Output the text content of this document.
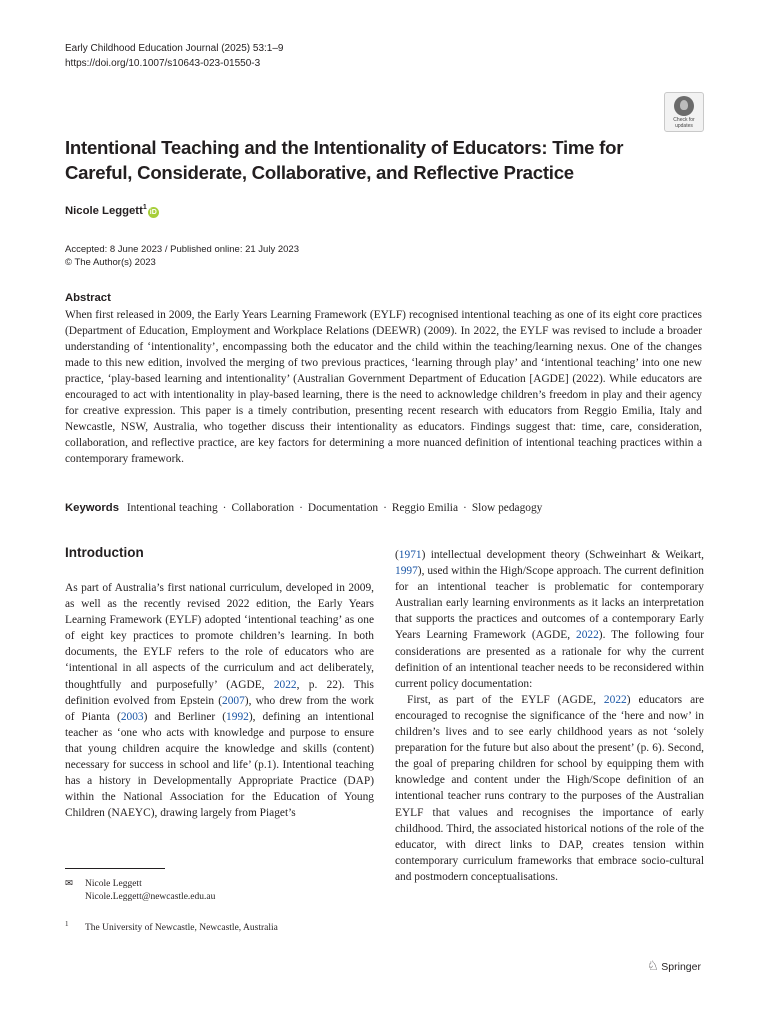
Early Childhood Education Journal (2025) 53:1–9
https://doi.org/10.1007/s10643-023-01550-3
Check for
updates
Intentional Teaching and the Intentionality of Educators: Time for
Careful, Considerate, Collaborative, and Reflective Practice
Nicole Leggett$^1$iD
Accepted: 8 June 2023 / Published online: 21 July 2023
© The Author(s) 2023
Abstract
When first released in 2009, the Early Years Learning Framework (EYLF) recognised intentional teaching as one of its eight core practices (Department of Education, Employment and Workplace Relations (DEEWR) (2009). In 2022, the EYLF was revised to include a broader understanding of ‘intentionality’, encompassing both the educator and the child within the teaching/learning nexus. One of the changes made to this new edition, involved the merging of two previous practices, ‘learning through play’ and ‘intentional teaching’ into one new practice, ‘play-based learning and intentionality’ (Australian Government Department of Education [AGDE] (2022). While educators are encouraged to act with intentionality in play-based learning, there is the need to acknowledge children’s freedom in play and their agency for creative expression. This paper is a timely contribution, presenting recent research with educators from Reggio Emilia, Italy and Newcastle, NSW, Australia, who together discuss their intentionality as educators. Findings suggest that: time, care, consideration, collaboration, and reflective practice, are key factors for determining a more nuanced definition of intentional teaching practices within a contemporary framework.
Keywords Intentional teaching · Collaboration · Documentation · Reggio Emilia · Slow pedagogy
Introduction

As part of Australia’s first national curriculum, developed in 2009, as well as the recently revised 2022 edition, the Early Years Learning Framework (EYLF) adopted ‘intentional teaching’ as one of eight key practices to promote children’s learning. In both documents, the EYLF refers to the role of educators who are ‘intentional in all aspects of the curriculum and act deliberately, thoughtfully and purposefully’ (AGDE, 2022, p. 22). This definition evolved from Epstein (2007), who drew from the work of Pianta (2003) and Berliner (1992), defining an intentional teacher as ‘one who acts with knowledge and purpose to ensure that young children acquire the knowledge and skills (content) necessary for success in school and life’ (p.1). Intentional teaching has a history in Developmentally Appropriate Practice (DAP) within the National Association for the Education of Young Children (NAEYC), drawing largely from Piaget’s

(1971) intellectual development theory (Schweinhart & Weikart, 1997), used within the High/Scope approach. The current definition for an intentional teacher is problematic for contemporary Australian early learning environments as it lacks an interpretation that supports the practices and outcomes of a contemporary Early Years Learning Framework (AGDE, 2022). The following four considerations are presented as a rationale for why the current definition of an intentional teacher needs to be reconsidered within current policy documentation:

First, as part of the EYLF (AGDE, 2022) educators are encouraged to recognise the significance of the ‘here and now’ in children’s lives and to see early childhood years as not ‘solely preparation for the future but also about the present’ (p. 6). Second, the goal of preparing children for school by equipping them with knowledge and content under the High/Scope definition of an intentional teacher runs contrary to the purposes of the Australian EYLF that values and recognises the importance of early childhood. Third, the associated historical notions of the role of the educator, with direct links to DAP, creates tension within contemporary curriculum frameworks that embrace socio-cultural and postmodern conceptualisations.

✉ Nicole Leggett
Nicole.Leggett@newcastle.edu.au
$^1$ The University of Newcastle, Newcastle, Australia
♘ Springer
